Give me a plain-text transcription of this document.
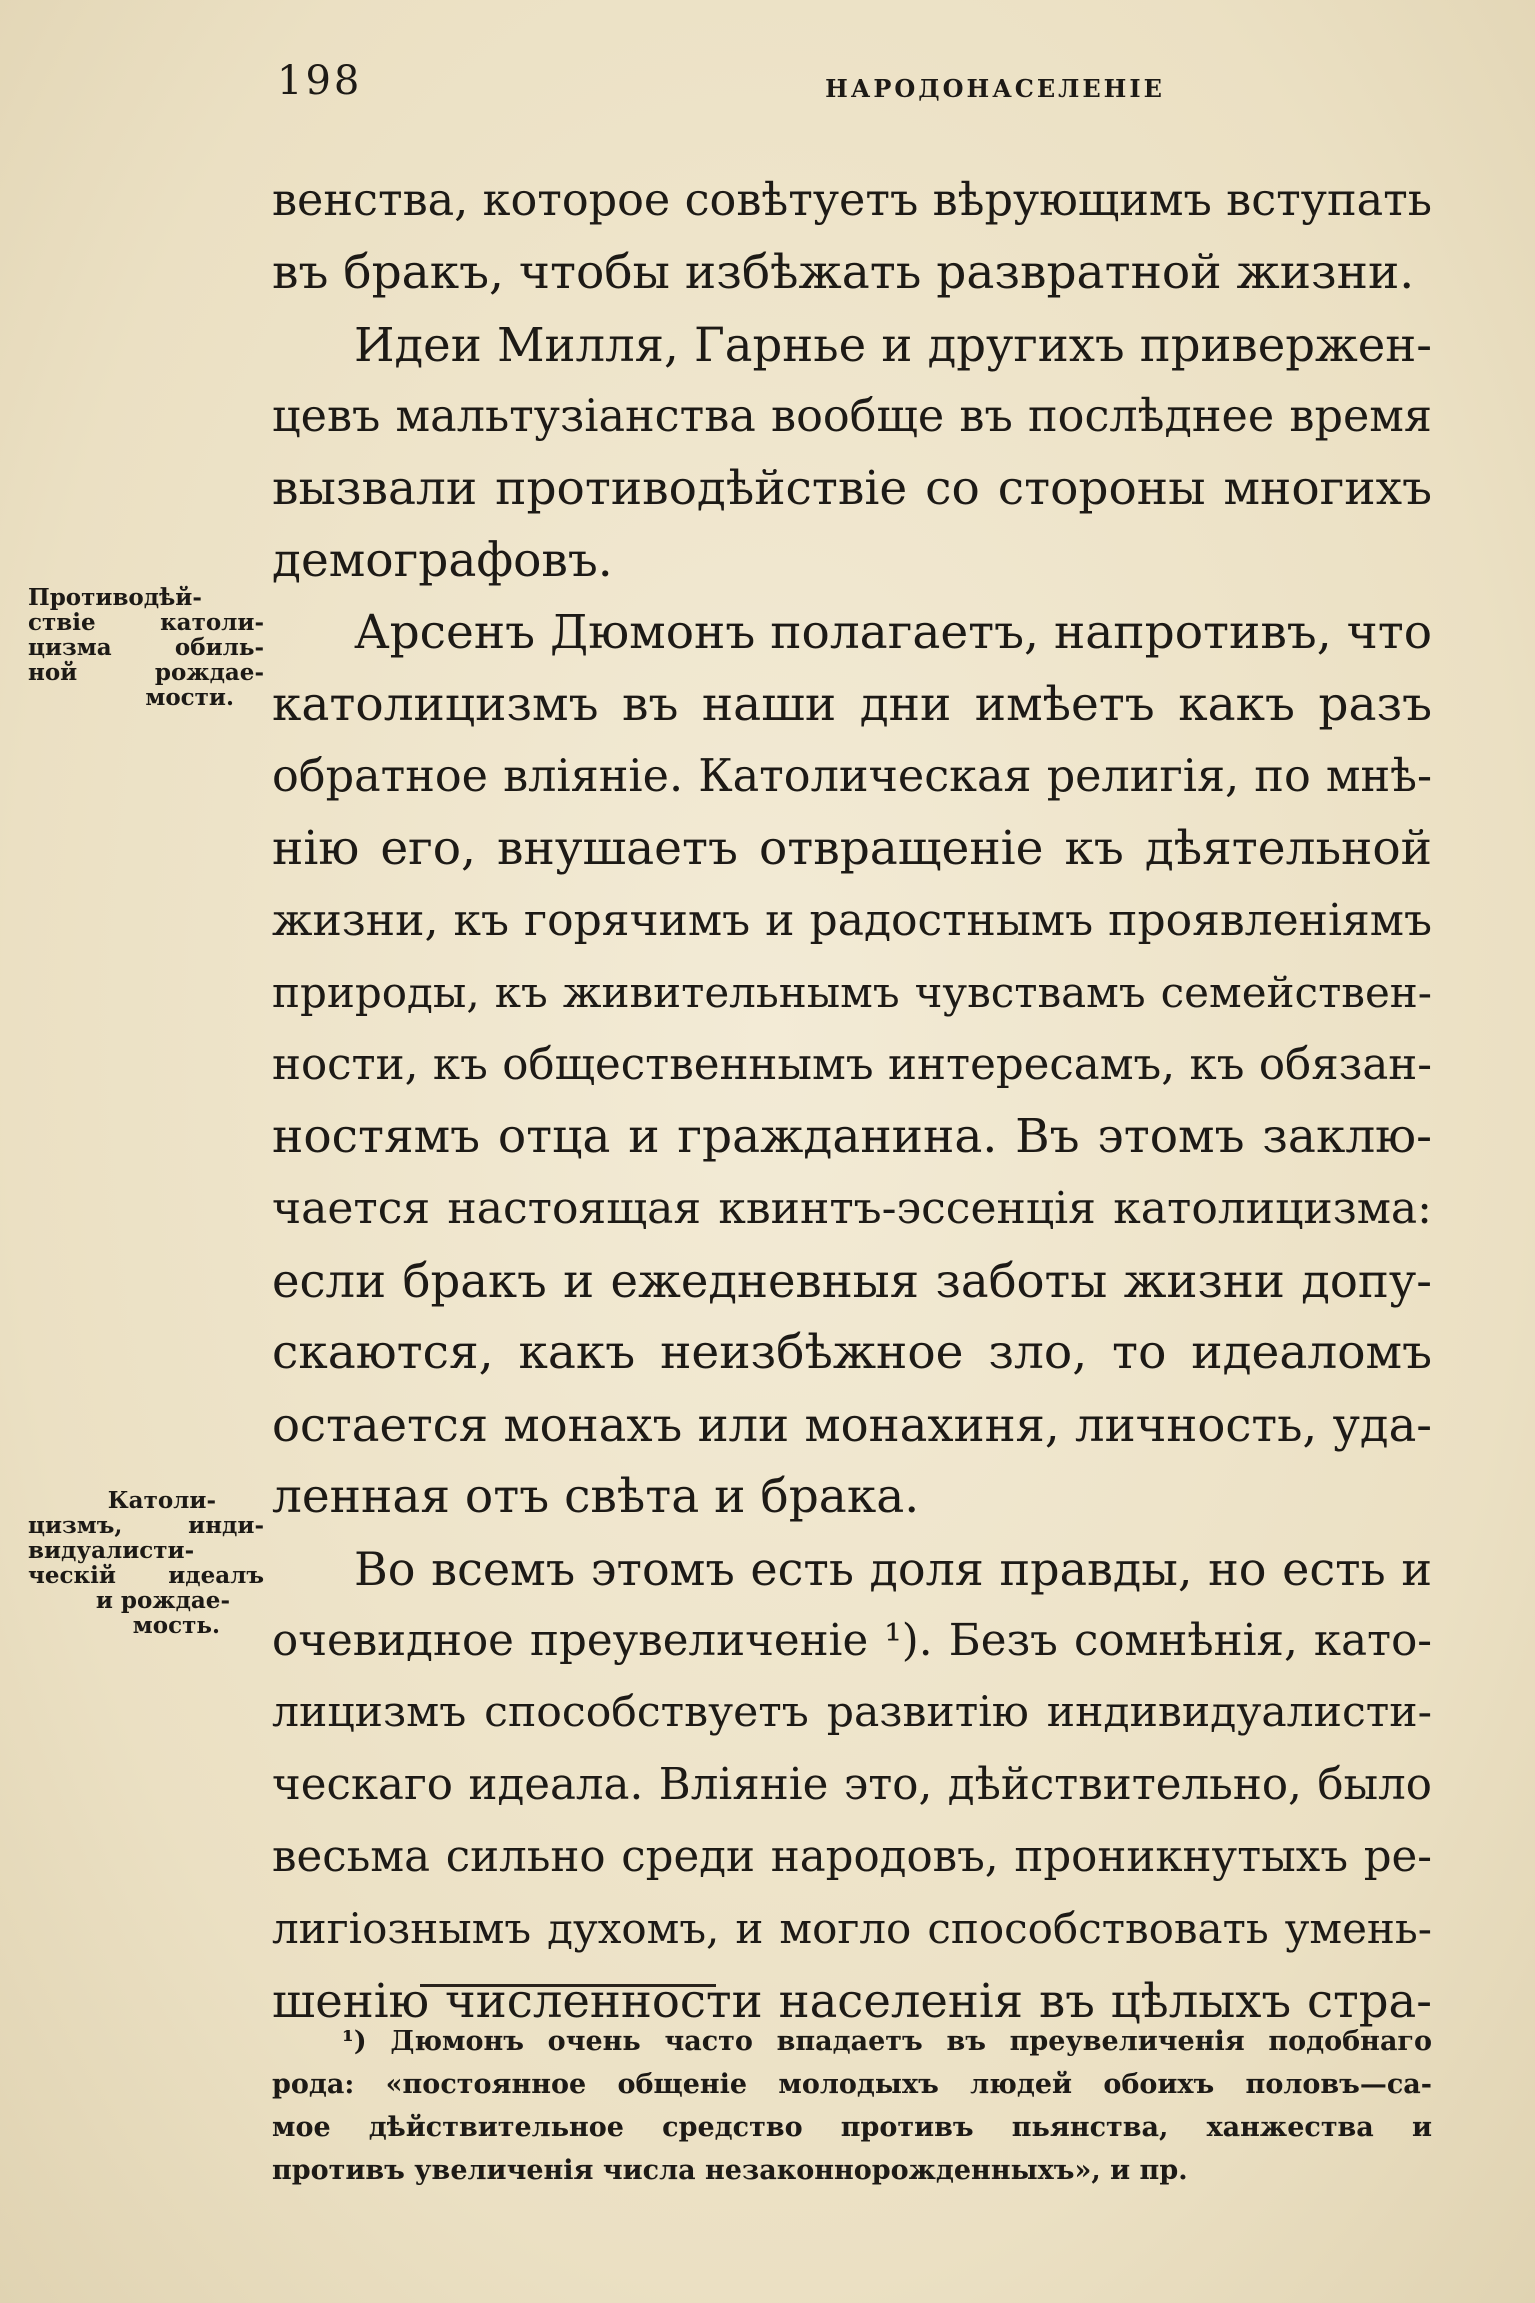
198	НАРОДОНАСЕЛЕНІЕ
венства, которое совѣтуетъ вѣрующимъ вступать
въ бракъ, чтобы избѣжать развратной жизни.
Идеи Милля, Гарнье и другихъ привержен-
цевъ мальтузіанства вообще въ послѣднее время
вызвали противодѣйствіе со стороны многихъ
демографовъ.
Арсенъ Дюмонъ полагаетъ, напротивъ, что
католицизмъ въ наши дни имѣетъ какъ разъ
обратное вліяніе. Католическая религія, по мнѣ-
нію его, внушаетъ отвращеніе къ дѣятельной
жизни, къ горячимъ и радостнымъ проявленіямъ
природы, къ живительнымъ чувствамъ семействен-
ности, къ общественнымъ интересамъ, къ обязан-
ностямъ отца и гражданина. Въ этомъ заклю-
чается настоящая квинтъ-эссенція католицизма:
если бракъ и ежедневныя заботы жизни допу-
скаются, какъ неизбѣжное зло, то идеаломъ
остается монахъ или монахиня, личность, уда-
ленная отъ свѣта и брака.
Во всемъ этомъ есть доля правды, но есть и
очевидное преувеличеніе ¹). Безъ сомнѣнія, като-
лицизмъ способствуетъ развитію индивидуалисти-
ческаго идеала. Вліяніе это, дѣйствительно, было
весьма сильно среди народовъ, проникнутыхъ ре-
лигіознымъ духомъ, и могло способствовать умень-
шенію численности населенія въ цѣлыхъ стра-
Противодѣй-
ствіе католи-
цизма обиль-
ной рождае-
мости.
Католи-
цизмъ, инди-
видуалисти-
ческій идеалъ
и рождае-
мость.
¹) Дюмонъ очень часто впадаетъ въ преувеличенія подобнаго
рода: «постоянное общеніе молодыхъ людей обоихъ половъ—са-
мое дѣйствительное средство противъ пьянства, ханжества и
противъ увеличенія числа незаконнорожденныхъ», и пр.
